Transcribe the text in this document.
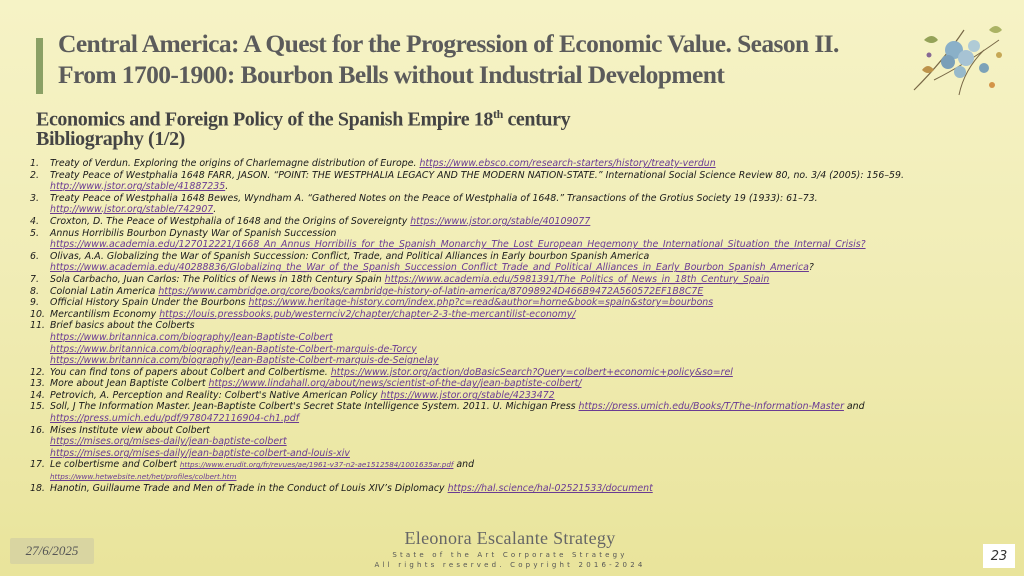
Central America: A Quest for the Progression of Economic Value. Season II.
From 1700-1900: Bourbon Bells without Industrial Development
Economics and Foreign Policy of the Spanish Empire 18th century
Bibliography (1/2)
1. Treaty of Verdun. Exploring the origins of Charlemagne distribution of Europe. https://www.ebsco.com/research-starters/history/treaty-verdun
2. Treaty Peace of Westphalia 1648 FARR, JASON. “POINT: THE WESTPHALIA LEGACY AND THE MODERN NATION-STATE.” International Social Science Review 80, no. 3/4 (2005): 156–59.
http://www.jstor.org/stable/41887235.
3. Treaty Peace of Westphalia 1648 Bewes, Wyndham A. “Gathered Notes on the Peace of Westphalia of 1648.” Transactions of the Grotius Society 19 (1933): 61–73.
http://www.jstor.org/stable/742907.
4. Croxton, D. The Peace of Westphalia of 1648 and the Origins of Sovereignty https://www.jstor.org/stable/40109077
5. Annus Horribilis Bourbon Dynasty War of Spanish Succession
https://www.academia.edu/127012221/1668_An_Annus_Horribilis_for_the_Spanish_Monarchy_The_Lost_European_Hegemony_the_International_Situation_the_Internal_Crisis?
6. Olivas, A.A. Globalizing the War of Spanish Succession: Conflict, Trade, and Political Alliances in Early bourbon Spanish America
https://www.academia.edu/40288836/Globalizing_the_War_of_the_Spanish_Succession_Conflict_Trade_and_Political_Alliances_in_Early_Bourbon_Spanish_America?
7. Sola Carbacho, Juan Carlos: The Politics of News in 18th Century Spain https://www.academia.edu/5981391/The_Politics_of_News_in_18th_Century_Spain
8. Colonial Latin America https://www.cambridge.org/core/books/cambridge-history-of-latin-america/87098924D466B9472A560572EF1B8C7E
9. Official History Spain Under the Bourbons https://www.heritage-history.com/index.php?c=read&author=horne&book=spain&story=bourbons
10. Mercantilism Economy https://louis.pressbooks.pub/westernciv2/chapter/chapter-2-3-the-mercantilist-economy/
11. Brief basics about the Colberts
https://www.britannica.com/biography/Jean-Baptiste-Colbert
https://www.britannica.com/biography/Jean-Baptiste-Colbert-marquis-de-Torcy
https://www.britannica.com/biography/Jean-Baptiste-Colbert-marquis-de-Seignelay
12. You can find tons of papers about Colbert and Colbertisme. https://www.jstor.org/action/doBasicSearch?Query=colbert+economic+policy&so=rel
13. More about Jean Baptiste Colbert https://www.lindahall.org/about/news/scientist-of-the-day/jean-baptiste-colbert/
14. Petrovich, A. Perception and Reality: Colbert's Native American Policy https://www.jstor.org/stable/4233472
15. Soll, J The Information Master. Jean-Baptiste Colbert's Secret State Intelligence System. 2011. U. Michigan Press https://press.umich.edu/Books/T/The-Information-Master and
https://press.umich.edu/pdf/9780472116904-ch1.pdf
16. Mises Institute view about Colbert
https://mises.org/mises-daily/jean-baptiste-colbert
https://mises.org/mises-daily/jean-baptiste-colbert-and-louis-xiv
17. Le colbertisme and Colbert https://www.erudit.org/fr/revues/ae/1961-v37-n2-ae1512584/1001635ar.pdf and
https://www.hetwebsite.net/het/profiles/colbert.htm
18. Hanotin, Guillaume Trade and Men of Trade in the Conduct of Louis XIV’s Diplomacy https://hal.science/hal-02521533/document
27/6/2025
Eleonora Escalante Strategy
State of the Art Corporate Strategy
All rights reserved. Copyright 2016-2024
23
